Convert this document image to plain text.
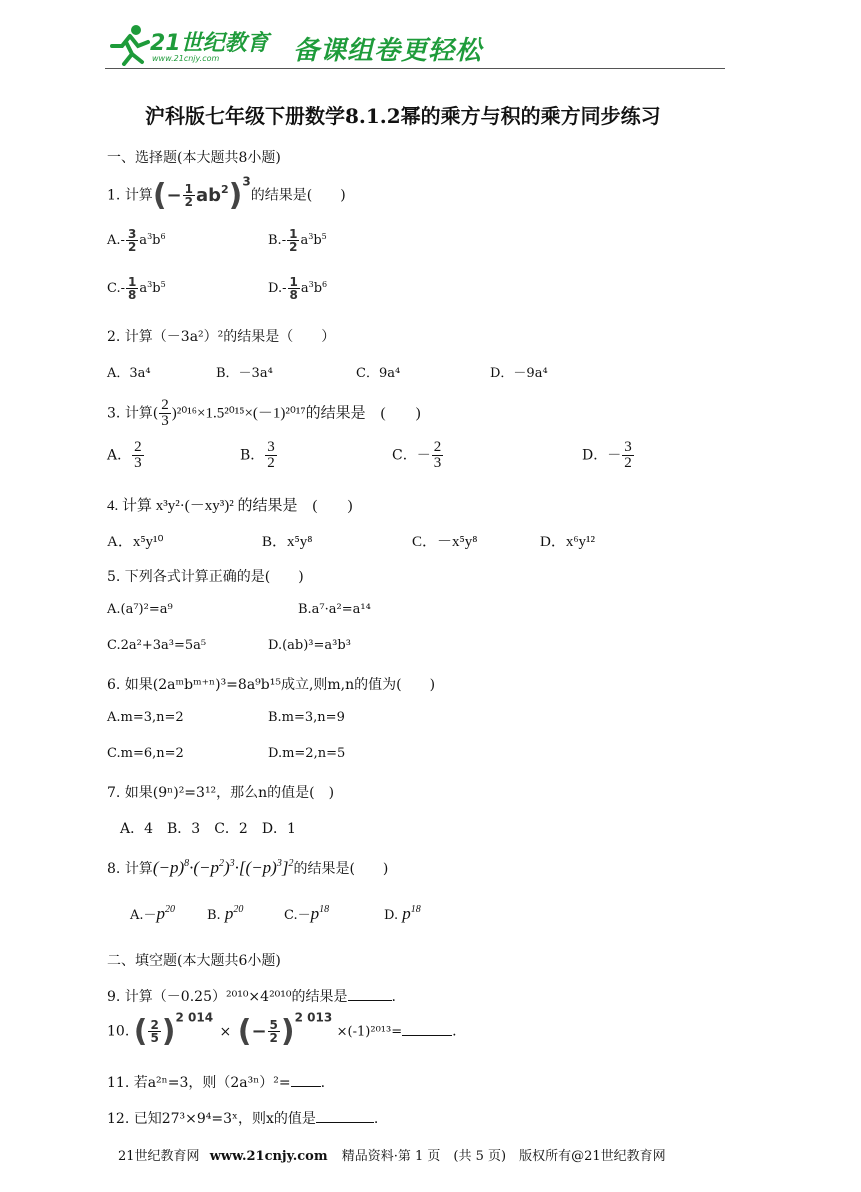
21世纪教育
www.21cnjy.com	备课组卷更轻松
沪科版七年级下册数学8.1.2幂的乘方与积的乘方同步练习
一、选择题(本大题共8小题)
1. 计算(− $\frac{1}{2} ab^2)^3$的结果是(　　)
$A.- \frac{3}{2} a^3b^6$	$B.- \frac{1}{2} a^3b^5$
$C.- \frac{1}{8} a^3b^5$	$D.- \frac{1}{8} a^3b^6$
2. 计算（－3a²）²的结果是（　　）
A．3a⁴	B．－3a⁴	C．9a⁴	D．－9a⁴
3. 计算( $\frac{2}{3} )^{2016}\times 1.5^{2015}\times(-1)^{2017}$的结果是　(　　)
A． $\frac{2}{3}$	B． $\frac{3}{2}$	C．－ $\frac{2}{3}$	D．－ $\frac{3}{2}$
4. 计算 x³y²·(－xy³)² 的结果是　(　　)
A．x⁵y¹⁰	B．x⁵y⁸	C．－x⁵y⁸	D．x⁶y¹²
5. 下列各式计算正确的是(　　)
A.(a⁷)²=a⁹	B.a⁷·a²=a¹⁴
C.2a²+3a³=5a⁵	D.(ab)³=a³b³
6. 如果(2aᵐbᵐ⁺ⁿ)³=8a⁹b¹⁵成立,则m,n的值为(　　)
A.m=3,n=2	B.m=3,n=9
C.m=6,n=2	D.m=2,n=5
7. 如果(9ⁿ)²=3¹²，那么n的值是(　)
A．4　B．3　C．2　D．1
8. 计算$(-p)^8\cdot(-p^2)^3\cdot[(-p)^3]^2$的结果是(　　)
$A.-p^{20}$ B. $p^{20}$	$C.-p^{18}$	D. $p^{18}$
二、填空题(本大题共6小题)
9. 计算（－0.25）²⁰¹⁰×4²⁰¹⁰的结果是	.
10. ( $\frac{2}{5} )^{2 014}$ × (− $\frac{5}{2} )^{2 013} \times(-1)^{2013}=$	.
11. 若a²ⁿ=3，则（2a³ⁿ）²= .
12. 已知27³×9⁴=3ˣ，则x的值是	.
21世纪教育网 www.21cnjy.com 精品资料·第 1 页　(共 5 页)　版权所有@21世纪教育网
